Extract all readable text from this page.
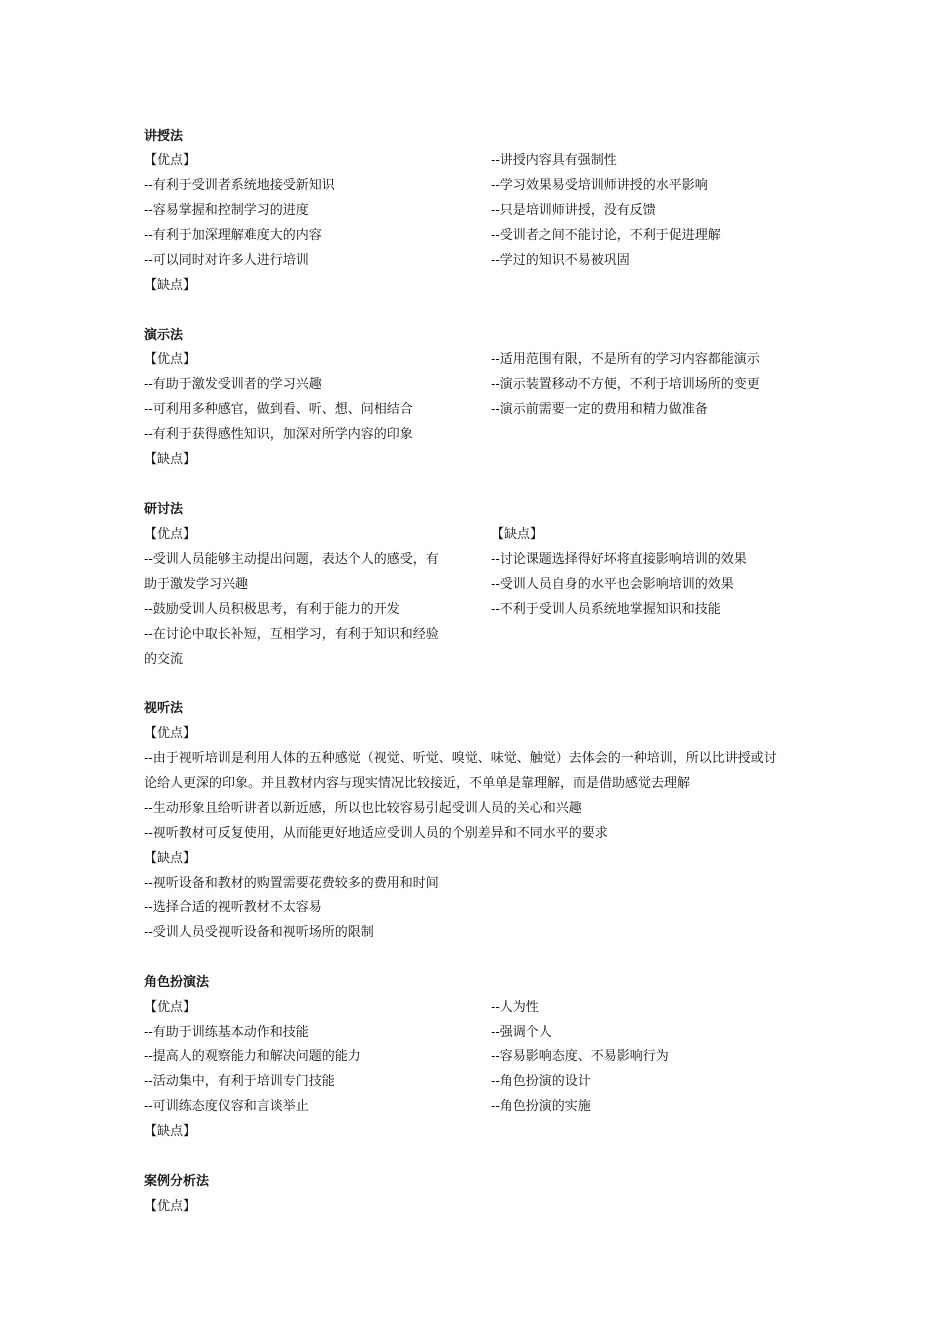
讲授法
【优点】
--有利于受训者系统地接受新知识
--容易掌握和控制学习的进度
--有利于加深理解难度大的内容
--可以同时对许多人进行培训
【缺点】
--讲授内容具有强制性
--学习效果易受培训师讲授的水平影响
--只是培训师讲授，没有反馈
--受训者之间不能讨论，不利于促进理解
--学过的知识不易被巩固
演示法
【优点】
--有助于激发受训者的学习兴趣
--可利用多种感官，做到看、听、想、问相结合
--有利于获得感性知识，加深对所学内容的印象
【缺点】
--适用范围有限，不是所有的学习内容都能演示
--演示装置移动不方便，不利于培训场所的变更
--演示前需要一定的费用和精力做准备
研讨法
【优点】
--受训人员能够主动提出问题，表达个人的感受，有
助于激发学习兴趣
--鼓励受训人员积极思考，有利于能力的开发
--在讨论中取长补短，互相学习，有利于知识和经验
的交流
【缺点】
--讨论课题选择得好坏将直接影响培训的效果
--受训人员自身的水平也会影响培训的效果
--不利于受训人员系统地掌握知识和技能
视听法
【优点】
--由于视听培训是利用人体的五种感觉（视觉、听觉、嗅觉、味觉、触觉）去体会的一种培训，所以比讲授或讨
论给人更深的印象。并且教材内容与现实情况比较接近，不单单是靠理解，而是借助感觉去理解
--生动形象且给听讲者以新近感，所以也比较容易引起受训人员的关心和兴趣
--视听教材可反复使用，从而能更好地适应受训人员的个别差异和不同水平的要求
【缺点】
--视听设备和教材的购置需要花费较多的费用和时间
--选择合适的视听教材不太容易
--受训人员受视听设备和视听场所的限制
角色扮演法
【优点】
--有助于训练基本动作和技能
--提高人的观察能力和解决问题的能力
--活动集中，有利于培训专门技能
--可训练态度仪容和言谈举止
【缺点】
--人为性
--强调个人
--容易影响态度、不易影响行为
--角色扮演的设计
--角色扮演的实施
案例分析法
【优点】
